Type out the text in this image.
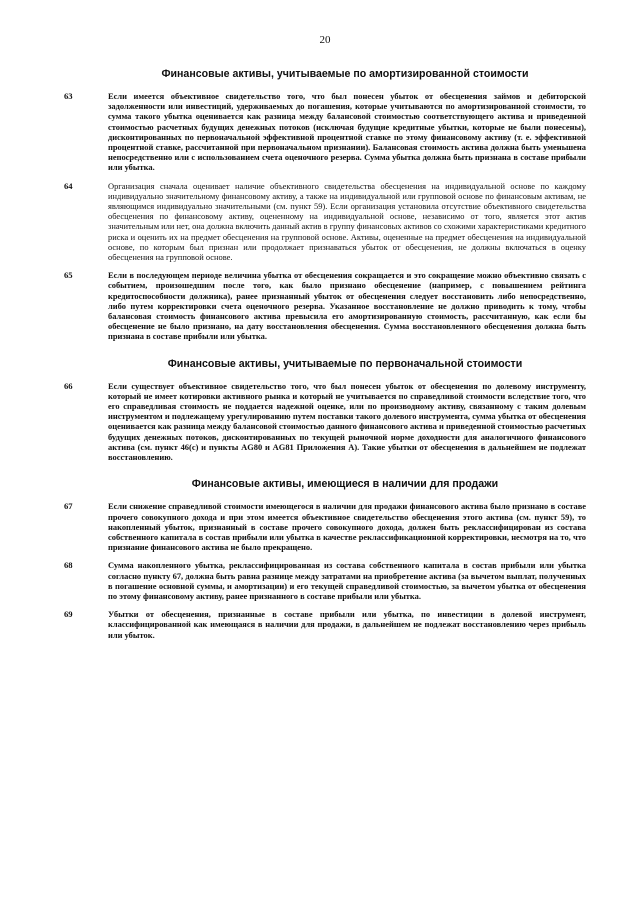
20
Финансовые активы, учитываемые по амортизированной стоимости
63	Если имеется объективное свидетельство того, что был понесен убыток от обесценения займов и дебиторской задолженности или инвестиций, удерживаемых до погашения, которые учитываются по амортизированной стоимости, то сумма такого убытка оценивается как разница между балансовой стоимостью соответствующего актива и приведенной стоимостью расчетных будущих денежных потоков (исключая будущие кредитные убытки, которые не были понесены), дисконтированных по первоначальной эффективной процентной ставке по этому финансовому активу (т. е. эффективной процентной ставке, рассчитанной при первоначальном признании). Балансовая стоимость актива должна быть уменьшена непосредственно или с использованием счета оценочного резерва. Сумма убытка должна быть признана в составе прибыли или убытка.
64	Организация сначала оценивает наличие объективного свидетельства обесценения на индивидуальной основе по каждому индивидуально значительному финансовому активу, а также на индивидуальной или групповой основе по финансовым активам, не являющимся индивидуально значительными (см. пункт 59). Если организация установила отсутствие объективного свидетельства обесценения по финансовому активу, оцененному на индивидуальной основе, независимо от того, является этот актив значительным или нет, она должна включить данный актив в группу финансовых активов со схожими характеристиками кредитного риска и оценить их на предмет обесценения на групповой основе. Активы, оцененные на предмет обесценения на индивидуальной основе, по которым был признан или продолжает признаваться убыток от обесценения, не должны включаться в оценку обесценения на групповой основе.
65	Если в последующем периоде величина убытка от обесценения сокращается и это сокращение можно объективно связать с событием, произошедшим после того, как было признано обесценение (например, с повышением рейтинга кредитоспособности должника), ранее признанный убыток от обесценения следует восстановить либо непосредственно, либо путем корректировки счета оценочного резерва. Указанное восстановление не должно приводить к тому, чтобы балансовая стоимость финансового актива превысила его амортизированную стоимость, рассчитанную, как если бы обесценение не было признано, на дату восстановления обесценения. Сумма восстановленного обесценения должна быть признана в составе прибыли или убытка.
Финансовые активы, учитываемые по первоначальной стоимости
66	Если существует объективное свидетельство того, что был понесен убыток от обесценения по долевому инструменту, который не имеет котировки активного рынка и который не учитывается по справедливой стоимости вследствие того, что его справедливая стоимость не поддается надежной оценке, или по производному активу, связанному с таким долевым инструментом и подлежащему урегулированию путем поставки такого долевого инструмента, сумма убытка от обесценения оценивается как разница между балансовой стоимостью данного финансового актива и приведенной стоимостью расчетных будущих денежных потоков, дисконтированных по текущей рыночной норме доходности для аналогичного финансового актива (см. пункт 46(c) и пункты AG80 и AG81 Приложения А). Такие убытки от обесценения в дальнейшем не подлежат восстановлению.
Финансовые активы, имеющиеся в наличии для продажи
67	Если снижение справедливой стоимости имеющегося в наличии для продажи финансового актива было признано в составе прочего совокупного дохода и при этом имеется объективное свидетельство обесценения этого актива (см. пункт 59), то накопленный убыток, признанный в составе прочего совокупного дохода, должен быть реклассифицирован из состава собственного капитала в состав прибыли или убытка в качестве реклассификационной корректировки, несмотря на то, что признание финансового актива не было прекращено.
68	Сумма накопленного убытка, реклассифицированная из состава собственного капитала в состав прибыли или убытка согласно пункту 67, должна быть равна разнице между затратами на приобретение актива (за вычетом выплат, полученных в погашение основной суммы, и амортизации) и его текущей справедливой стоимостью, за вычетом убытка от обесценения по этому финансовому активу, ранее признанного в составе прибыли или убытка.
69	Убытки от обесценения, признанные в составе прибыли или убытка, по инвестиции в долевой инструмент, классифицированной как имеющаяся в наличии для продажи, в дальнейшем не подлежат восстановлению через прибыль или убыток.
